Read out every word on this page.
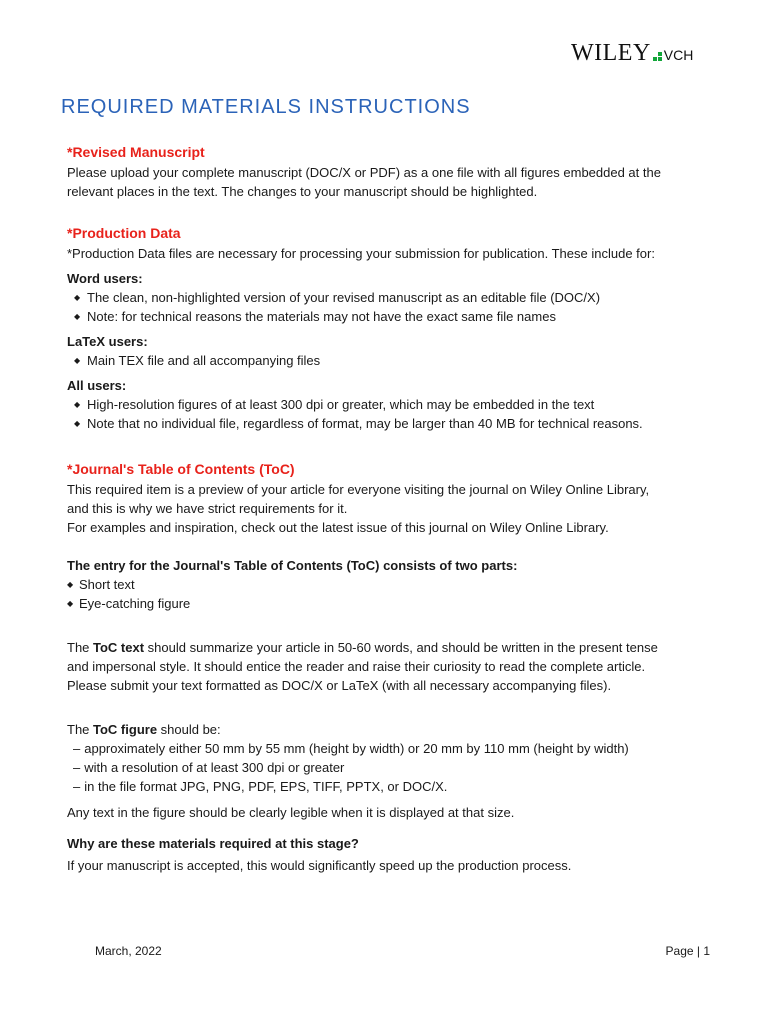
WILEY VCH
REQUIRED MATERIALS INSTRUCTIONS
*Revised Manuscript

Please upload your complete manuscript (DOC/X or PDF) as a one file with all figures embedded at the

relevant places in the text. The changes to your manuscript should be highlighted.

*Production Data

*Production Data files are necessary for processing your submission for publication. These include for:

Word users:
◆ The clean, non-highlighted version of your revised manuscript as an editable file (DOC/X)
◆ Note: for technical reasons the materials may not have the exact same file names
LaTeX users:
◆ Main TEX file and all accompanying files
All users:
◆ High-resolution figures of at least 300 dpi or greater, which may be embedded in the text
◆ Note that no individual file, regardless of format, may be larger than 40 MB for technical reasons.
*Journal's Table of Contents (ToC)

This required item is a preview of your article for everyone visiting the journal on Wiley Online Library,

and this is why we have strict requirements for it.

For examples and inspiration, check out the latest issue of this journal on Wiley Online Library.

The entry for the Journal's Table of Contents (ToC) consists of two parts:
◆ Short text
◆ Eye-catching figure

The ToC text should summarize your article in 50-60 words, and should be written in the present tense

and impersonal style. It should entice the reader and raise their curiosity to read the complete article.

Please submit your text formatted as DOC/X or LaTeX (with all necessary accompanying files).

The ToC figure should be:

– approximately either 50 mm by 55 mm (height by width) or 20 mm by 110 mm (height by width)
– with a resolution of at least 300 dpi or greater
– in the file format JPG, PNG, PDF, EPS, TIFF, PPTX, or DOC/X.

Any text in the figure should be clearly legible when it is displayed at that size.

Why are these materials required at this stage?

If your manuscript is accepted, this would significantly speed up the production process.

March, 2022	Page | 1
